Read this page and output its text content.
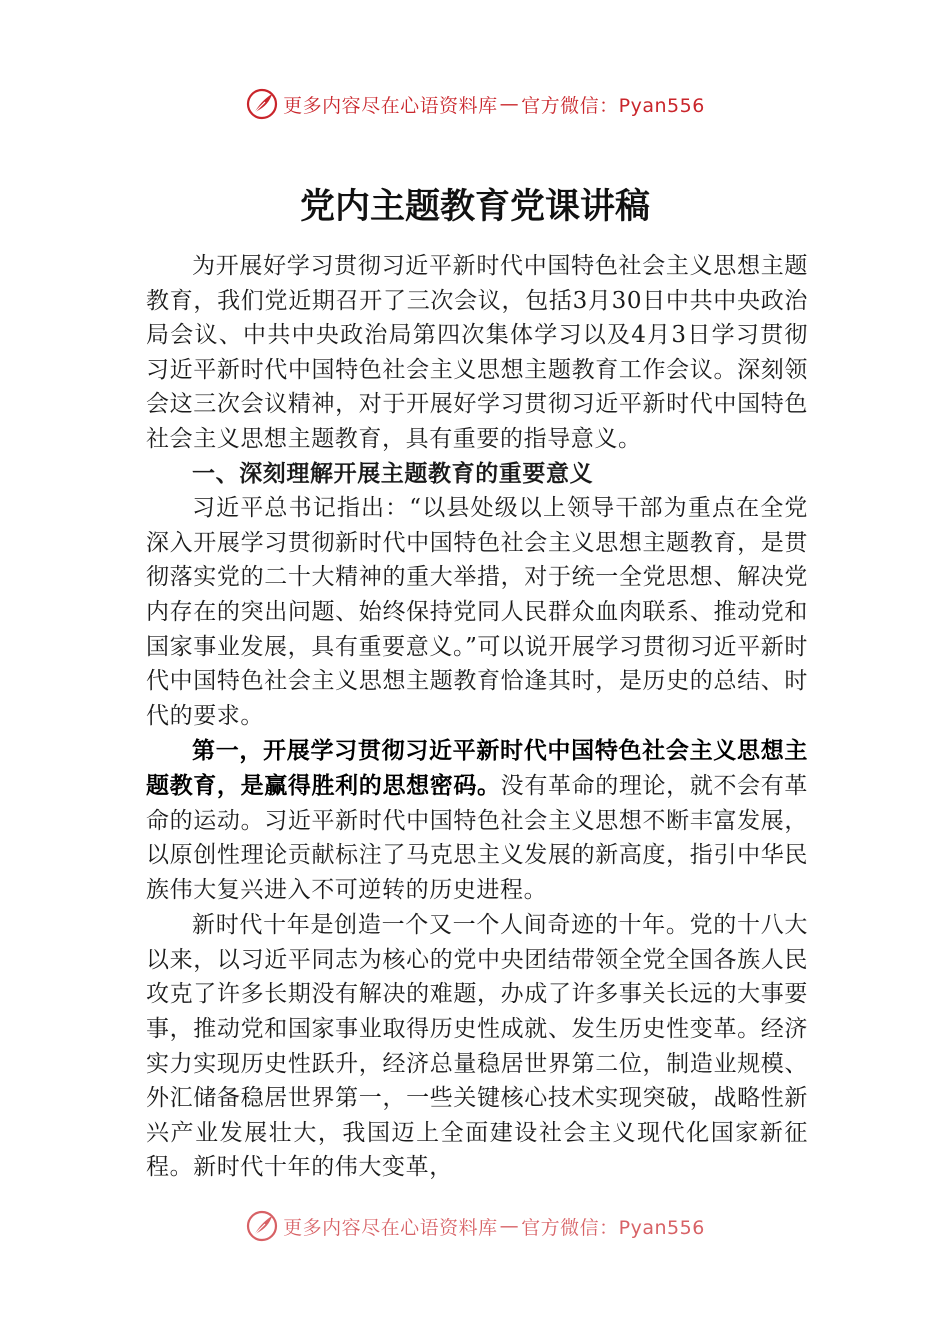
更多内容尽在心语资料库 — 官方微信：Pyan556
党内主题教育党课讲稿

为开展好学习贯彻习近平新时代中国特色社会主义思想主题教育，我们党近期召开了三次会议，包括3月30日中共中央政治局会议、中共中央政治局第四次集体学习以及4月3日学习贯彻习近平新时代中国特色社会主义思想主题教育工作会议。深刻领会这三次会议精神，对于开展好学习贯彻习近平新时代中国特色社会主义思想主题教育，具有重要的指导意义。

一、深刻理解开展主题教育的重要意义

习近平总书记指出：“以县处级以上领导干部为重点在全党深入开展学习贯彻新时代中国特色社会主义思想主题教育，是贯彻落实党的二十大精神的重大举措，对于统一全党思想、解决党内存在的突出问题、始终保持党同人民群众血肉联系、推动党和国家事业发展，具有重要意义。”可以说开展学习贯彻习近平新时代中国特色社会主义思想主题教育恰逢其时，是历史的总结、时代的要求。

第一，开展学习贯彻习近平新时代中国特色社会主义思想主题教育，是赢得胜利的思想密码。没有革命的理论，就不会有革命的运动。习近平新时代中国特色社会主义思想不断丰富发展，以原创性理论贡献标注了马克思主义发展的新高度，指引中华民族伟大复兴进入不可逆转的历史进程。

新时代十年是创造一个又一个人间奇迹的十年。党的十八大以来，以习近平同志为核心的党中央团结带领全党全国各族人民攻克了许多长期没有解决的难题，办成了许多事关长远的大事要事，推动党和国家事业取得历史性成就、发生历史性变革。经济实力实现历史性跃升，经济总量稳居世界第二位，制造业规模、外汇储备稳居世界第一，一些关键核心技术实现突破，战略性新兴产业发展壮大，我国迈上全面建设社会主义现代化国家新征程。新时代十年的伟大变革，

更多内容尽在心语资料库 — 官方微信：Pyan556
